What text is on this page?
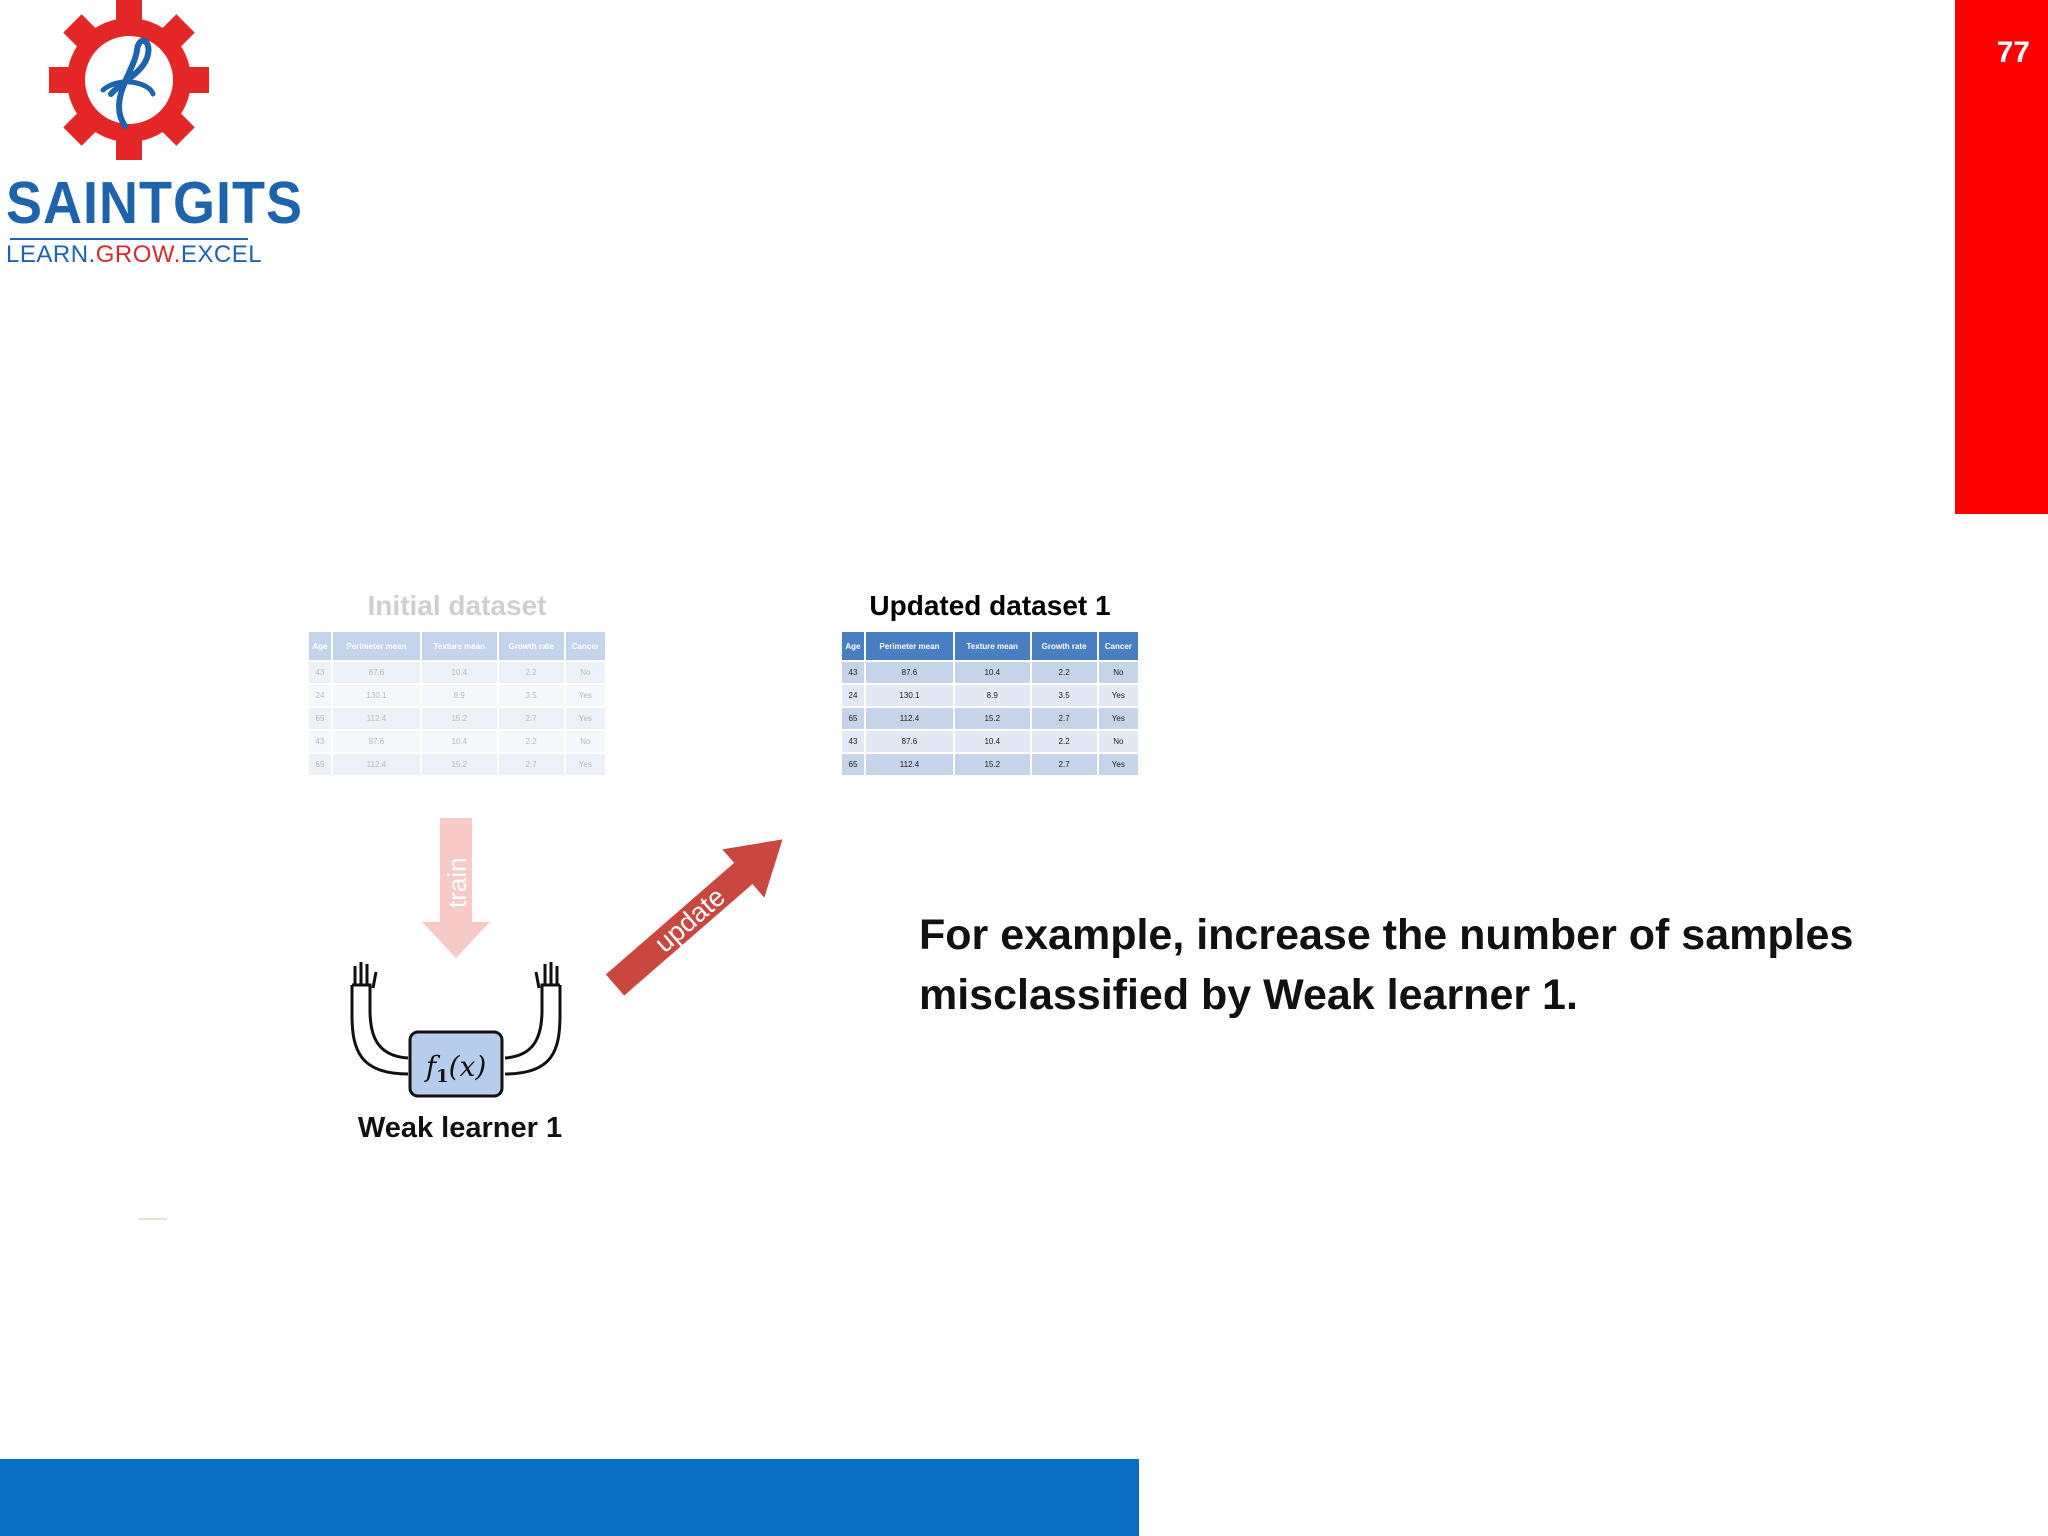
SAINTGITS
LEARN.GROW.EXCEL
77
Initial dataset
Age	Perimeter mean	Texture mean	Growth rate	Cancer
43	87.6	10.4	2.2	No
24	130.1	8.9	3.5	Yes
65	112.4	15.2	2.7	Yes
43	87.6	10.4	2.2	No
65	112.4	15.2	2.7	Yes
Updated dataset 1
Age	Perimeter mean	Texture mean	Growth rate	Cancer
43	87.6	10.4	2.2	No
24	130.1	8.9	3.5	Yes
65	112.4	15.2	2.7	Yes
43	87.6	10.4	2.2	No
65	112.4	15.2	2.7	Yes
train	update
$f_1(x)$
Weak learner 1
For example, increase the number of samples
misclassified by Weak learner 1.
